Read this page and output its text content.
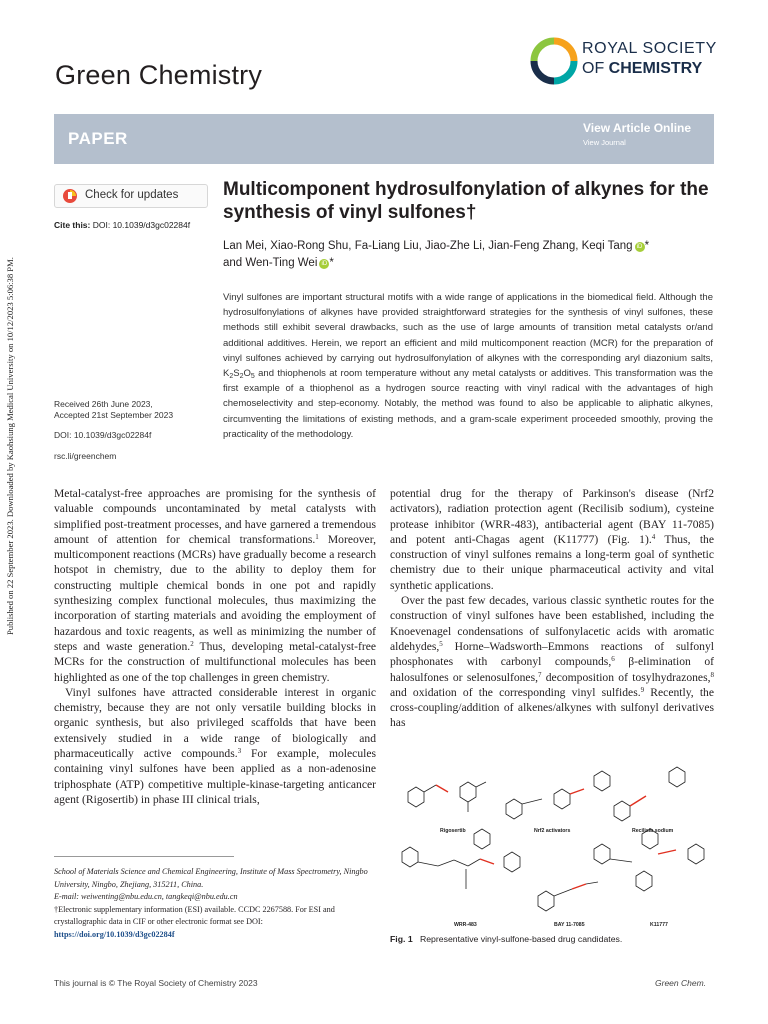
Published on 22 September 2023. Downloaded by Kaohsiung Medical University on 10/12/2023 5:06:38 PM.
Green Chemistry
ROYAL SOCIETY
OF CHEMISTRY
PAPER
View Article Online
View Journal
Check for updates
Cite this: DOI: 10.1039/d3gc02284f
Multicomponent hydrosulfonylation of alkynes for the synthesis of vinyl sulfones†
Lan Mei, Xiao-Rong Shu, Fa-Liang Liu, Jiao-Zhe Li, Jian-Feng Zhang, Keqi Tang iD *
and Wen-Ting Wei iD *
Vinyl sulfones are important structural motifs with a wide range of applications in the biomedical field. Although the hydrosulfonylations of alkynes have provided straightforward strategies for the synthesis of vinyl sulfones, these methods still exhibit several drawbacks, such as the use of large amounts of transition metal catalysts or/and additional additives. Herein, we report an efficient and mild multicomponent reaction (MCR) for the preparation of vinyl sulfones achieved by carrying out hydrosulfonylation of alkynes with the corresponding aryl diazonium salts, $K_2S_2O_5$ and thiophenols at room temperature without any metal catalysts or additives. This transformation was the first example of a thiophenol as a hydrogen source reacting with vinyl radical with the advantages of high chemoselectivity and step-economy. Notably, the method was found to also be applicable to aliphatic alkynes, circumventing the limitations of existing methods, and a gram-scale experiment proceeded smoothly, proving the practicality of the methodology.
Received 26th June 2023,
Accepted 21st September 2023
DOI: 10.1039/d3gc02284f
rsc.li/greenchem

Metal-catalyst-free approaches are promising for the synthesis of valuable compounds uncontaminated by metal catalysts with simplified post-treatment processes, and have garnered a tremendous amount of attention for chemical transformations.$^1$ Moreover, multicomponent reactions (MCRs) have gradually become a research hotspot in chemistry, due to the ability to deploy them for constructing multiple chemical bonds in one pot and rapidly synthesizing complex functional molecules, thus maximizing the incorporation of starting materials and avoiding the employment of hazardous and toxic reagents, as well as minimizing the number of steps and waste generation.$^2$ Thus, developing metal-catalyst-free MCRs for the construction of multifunctional molecules has been highlighted as one of the top challenges in green chemistry.

Vinyl sulfones have attracted considerable interest in organic chemistry, because they are not only versatile building blocks in organic synthesis, but also privileged scaffolds that have been extensively studied in a wide range of biologically and pharmaceutically active compounds.$^3$ For example, molecules containing vinyl sulfones have been applied as a non-adenosine triphosphate (ATP) competitive multiple-kinase-targeting anticancer agent (Rigosertib) in phase III clinical trials,

potential drug for the therapy of Parkinson's disease (Nrf2 activators), radiation protection agent (Recilisib sodium), cysteine protease inhibitor (WRR-483), antibacterial agent (BAY 11-7085) and potent anti-Chagas agent (K11777) (Fig. 1).$^4$ Thus, the construction of vinyl sulfones remains a long-term goal of synthetic chemistry due to their unique pharmaceutical activity and vital synthetic applications.

Over the past few decades, various classic synthetic routes for the construction of vinyl sulfones have been established, including the Knoevenagel condensations of sulfonylacetic acids with aromatic aldehydes,$^5$ Horne–Wadsworth–Emmons reactions of sulfonyl phosphonates with carbonyl compounds,$^6$ β-elimination of halosulfones or selenosulfones,$^7$ decomposition of tosylhydrazones,$^8$ and oxidation of the corresponding vinyl sulfides.$^9$ Recently, the cross-coupling/addition of alkenes/alkynes with sulfonyl derivatives has

Rigosertib	Nrf2 activators	Recilisib sodium
WRR-483	BAY 11-7085	K11777
Fig. 1 Representative vinyl-sulfone-based drug candidates.
School of Materials Science and Chemical Engineering, Institute of Mass Spectrometry, Ningbo University, Ningbo, Zhejiang, 315211, China.
E-mail: weiwenting@nbu.edu.cn, tangkeqi@nbu.edu.cn
†Electronic supplementary information (ESI) available. CCDC 2267588. For ESI and crystallographic data in CIF or other electronic format see DOI: https://doi.org/10.1039/d3gc02284f
This journal is © The Royal Society of Chemistry 2023	Green Chem.
